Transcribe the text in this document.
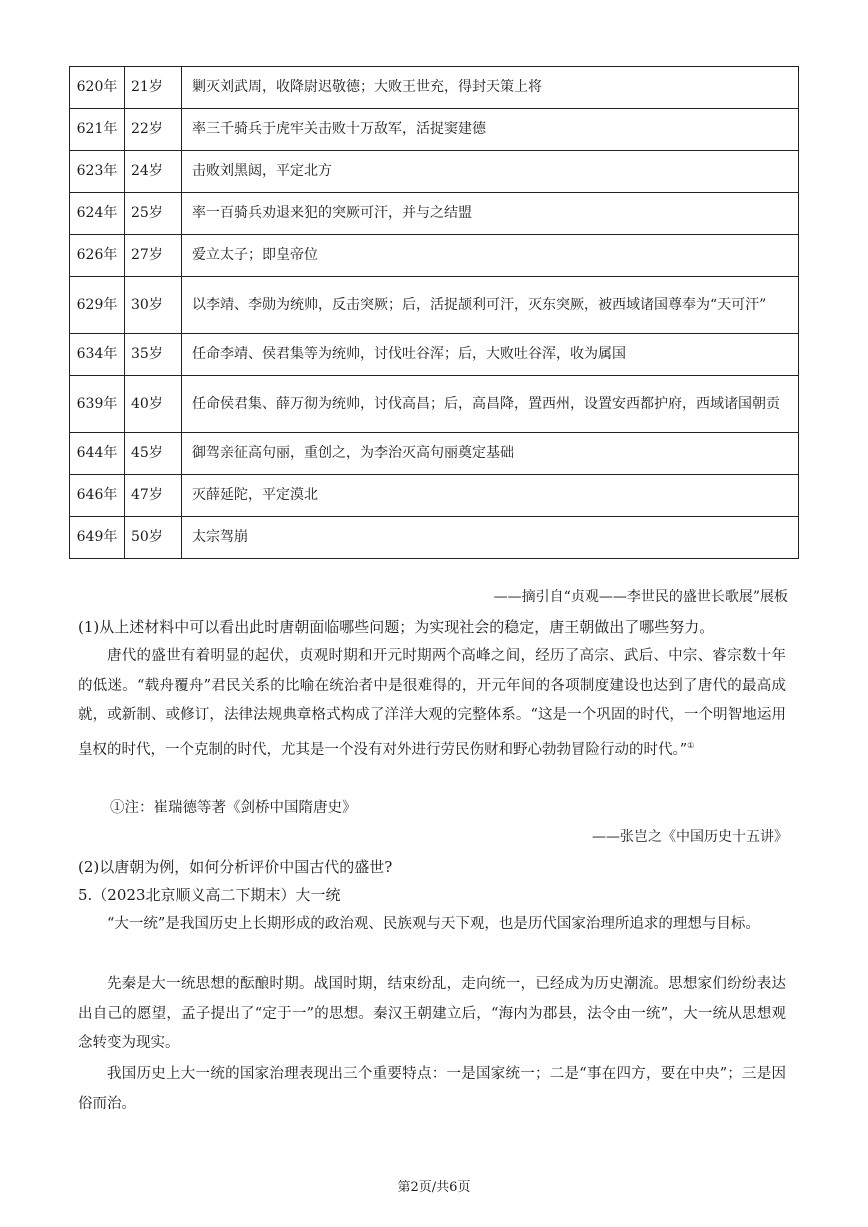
620年	21岁	剿灭刘武周，收降尉迟敬德；大败王世充，得封天策上将
621年	22岁	率三千骑兵于虎牢关击败十万敌军，活捉窦建德
623年	24岁	击败刘黑闼，平定北方
624年	25岁	率一百骑兵劝退来犯的突厥可汗，并与之结盟
626年	27岁	爱立太子；即皇帝位
629年	30岁	以李靖、李勋为统帅，反击突厥；后，活捉颉利可汗，灭东突厥，被西域诸国尊奉为“天可汗”
634年	35岁	任命李靖、侯君集等为统帅，讨伐吐谷浑；后，大败吐谷浑，收为属国
639年	40岁	任命侯君集、薛万彻为统帅，讨伐高昌；后，高昌降，置西州，设置安西都护府，西域诸国朝贡
644年	45岁	御驾亲征高句丽，重创之，为李治灭高句丽奠定基础
646年	47岁	灭薛延陀，平定漠北
649年	50岁	太宗驾崩
——摘引自“贞观——李世民的盛世长歌展”展板
(1)从上述材料中可以看出此时唐朝面临哪些问题；为实现社会的稳定，唐王朝做出了哪些努力。
唐代的盛世有着明显的起伏，贞观时期和开元时期两个高峰之间，经历了高宗、武后、中宗、睿宗数十年的低迷。“载舟覆舟”君民关系的比喻在统治者中是很难得的，开元年间的各项制度建设也达到了唐代的最高成就，或新制、或修订，法律法规典章格式构成了洋洋大观的完整体系。“这是一个巩固的时代，一个明智地运用皇权的时代，一个克制的时代，尤其是一个没有对外进行劳民伤财和野心勃勃冒险行动的时代。”①
①注：崔瑞德等著《剑桥中国隋唐史》
——张岂之《中国历史十五讲》
(2)以唐朝为例，如何分析评价中国古代的盛世?
5.（2023北京顺义高二下期末）大一统
“大一统”是我国历史上长期形成的政治观、民族观与天下观，也是历代国家治理所追求的理想与目标。
先秦是大一统思想的酝酿时期。战国时期，结束纷乱，走向统一，已经成为历史潮流。思想家们纷纷表达出自己的愿望，孟子提出了“定于一”的思想。秦汉王朝建立后，“海内为郡县，法令由一统”，大一统从思想观念转变为现实。
我国历史上大一统的国家治理表现出三个重要特点：一是国家统一；二是“事在四方，要在中央”；三是因俗而治。
第2页/共6页
